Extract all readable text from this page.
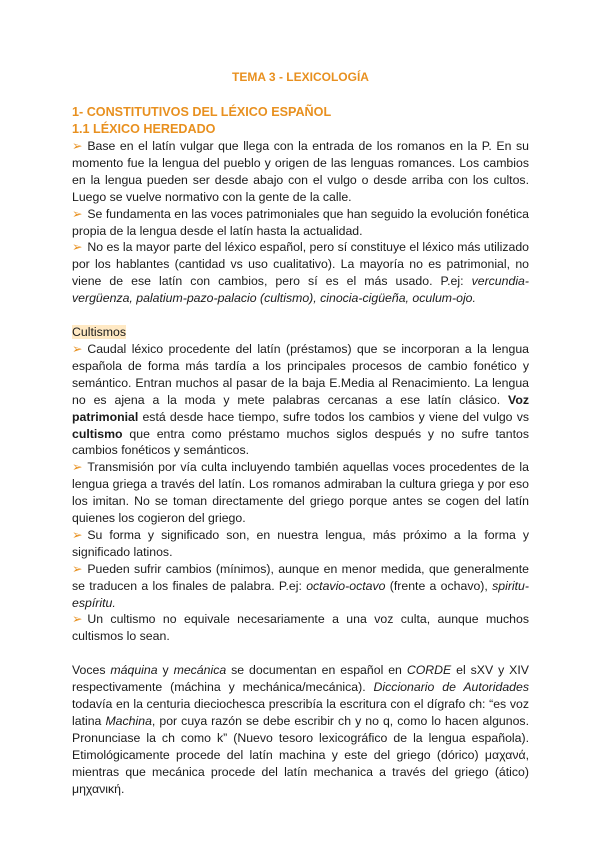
TEMA 3 - LEXICOLOGÍA
1- CONSTITUTIVOS DEL LÉXICO ESPAÑOL
1.1 LÉXICO HEREDADO

➢ Base en el latín vulgar que llega con la entrada de los romanos en la P. En su momento fue la lengua del pueblo y origen de las lenguas romances. Los cambios en la lengua pueden ser desde abajo con el vulgo o desde arriba con los cultos. Luego se vuelve normativo con la gente de la calle.

➢ Se fundamenta en las voces patrimoniales que han seguido la evolución fonética propia de la lengua desde el latín hasta la actualidad.

➢ No es la mayor parte del léxico español, pero sí constituye el léxico más utilizado por los hablantes (cantidad vs uso cualitativo). La mayoría no es patrimonial, no viene de ese latín con cambios, pero sí es el más usado. P.ej: vercundia-vergüenza, palatium-pazo-palacio (cultismo), cinocia-cigüeña, oculum-ojo.

Cultismos

➢ Caudal léxico procedente del latín (préstamos) que se incorporan a la lengua española de forma más tardía a los principales procesos de cambio fonético y semántico. Entran muchos al pasar de la baja E.Media al Renacimiento. La lengua no es ajena a la moda y mete palabras cercanas a ese latín clásico. Voz patrimonial está desde hace tiempo, sufre todos los cambios y viene del vulgo vs cultismo que entra como préstamo muchos siglos después y no sufre tantos cambios fonéticos y semánticos.

➢ Transmisión por vía culta incluyendo también aquellas voces procedentes de la lengua griega a través del latín. Los romanos admiraban la cultura griega y por eso los imitan. No se toman directamente del griego porque antes se cogen del latín quienes los cogieron del griego.

➢ Su forma y significado son, en nuestra lengua, más próximo a la forma y significado latinos.

➢ Pueden sufrir cambios (mínimos), aunque en menor medida, que generalmente se traducen a los finales de palabra. P.ej: octavio-octavo (frente a ochavo), spiritu-espíritu.

➢ Un cultismo no equivale necesariamente a una voz culta, aunque muchos cultismos lo sean.

Voces máquina y mecánica se documentan en español en CORDE el sXV y XIV respectivamente (máchina y mechánica/mecánica). Diccionario de Autoridades todavía en la centuria dieciochesca prescribía la escritura con el dígrafo ch: “es voz latina Machina, por cuya razón se debe escribir ch y no q, como lo hacen algunos. Pronunciase la ch como k” (Nuevo tesoro lexicográfico de la lengua española). Etimológicamente procede del latín machina y este del griego (dórico) μαχανά, mientras que mecánica procede del latín mechanica a través del griego (ático) μηχανική.
